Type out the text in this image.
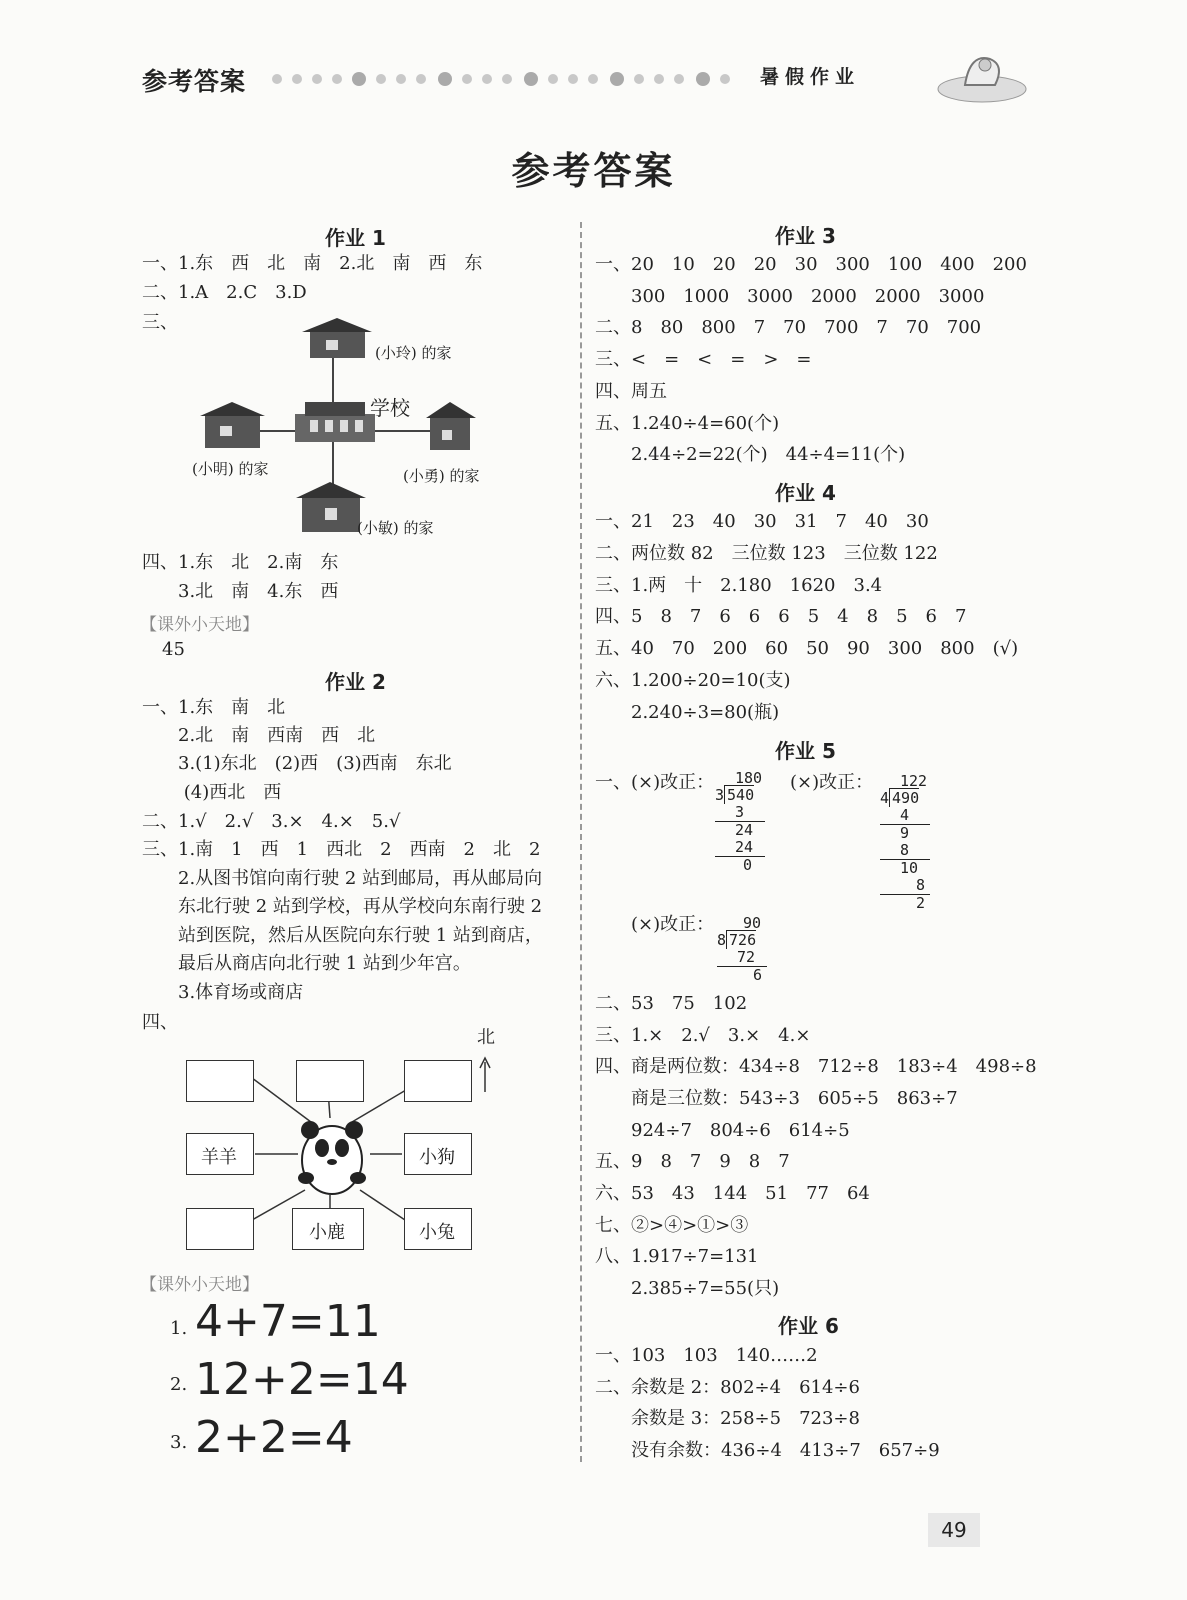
参考答案	暑假作业
参考答案
作业 1
一、1.东　西　北　南　2.北　南　西　东
二、1.A　2.C　3.D
三、
(小玲) 的家
学校
(小明) 的家	(小勇) 的家
(小敏) 的家
四、1.东　北　2.南　东
　　3.北　南　4.东　西
【课外小天地】
45
作业 2
一、1.东　南　北
　　2.北　南　西南　西　北
　　3.(1)东北　(2)西　(3)西南　东北
　　 (4)西北　西
二、1.√　2.√　3.×　4.×　5.√
三、1.南　1　西　1　西北　2　西南　2　北　2
　　2.从图书馆向南行驶 2 站到邮局，再从邮局向
　　东北行驶 2 站到学校，再从学校向东南行驶 2
　　站到医院，然后从医院向东行驶 1 站到商店，
　　最后从商店向北行驶 1 站到少年宫。
　　3.体育场或商店
四、
羊羊	小狗
小鹿	小兔
北
【课外小天地】
1. 4+7=11
2. 12+2=14
3. 2+2=4
作业 3
一、20　10　20　20　30　300　100　400　200
　　300　1000　3000　2000　2000　3000
二、8　80　800　7　70　700　7　70　700
三、<　=　<　=　>　=
四、周五
五、1.240÷4=60(个)
　　2.44÷2=22(个)　44÷4=11(个)
作业 4
一、21　23　40　30　31　7　40　30
二、两位数 82　三位数 123　三位数 122
三、1.两　十　2.180　1620　3.4
四、5　8　7　6　6　6　5　4　8　5　6　7
五、40　70　200　60　50　90　300　800　(√)
六、1.200÷20=10(支)
　　2.240÷3=80(瓶)
作业 5
一、(×)改正：	180
3 540
3
24
24
0
(×)改正：	122
4 490
4
9
8
10
8
2
　　(×)改正：	90
8 726
72
6
二、53　75　102
三、1.×　2.√　3.×　4.×
四、商是两位数：434÷8　712÷8　183÷4　498÷8
　　商是三位数：543÷3　605÷5　863÷7
　　924÷7　804÷6　614÷5
五、9　8　7　9　8　7
六、53　43　144　51　77　64
七、②>④>①>③
八、1.917÷7=131
　　2.385÷7=55(只)
作业 6
一、103　103　140……2
二、余数是 2：802÷4　614÷6
　　余数是 3：258÷5　723÷8
　　没有余数：436÷4　413÷7　657÷9
49
